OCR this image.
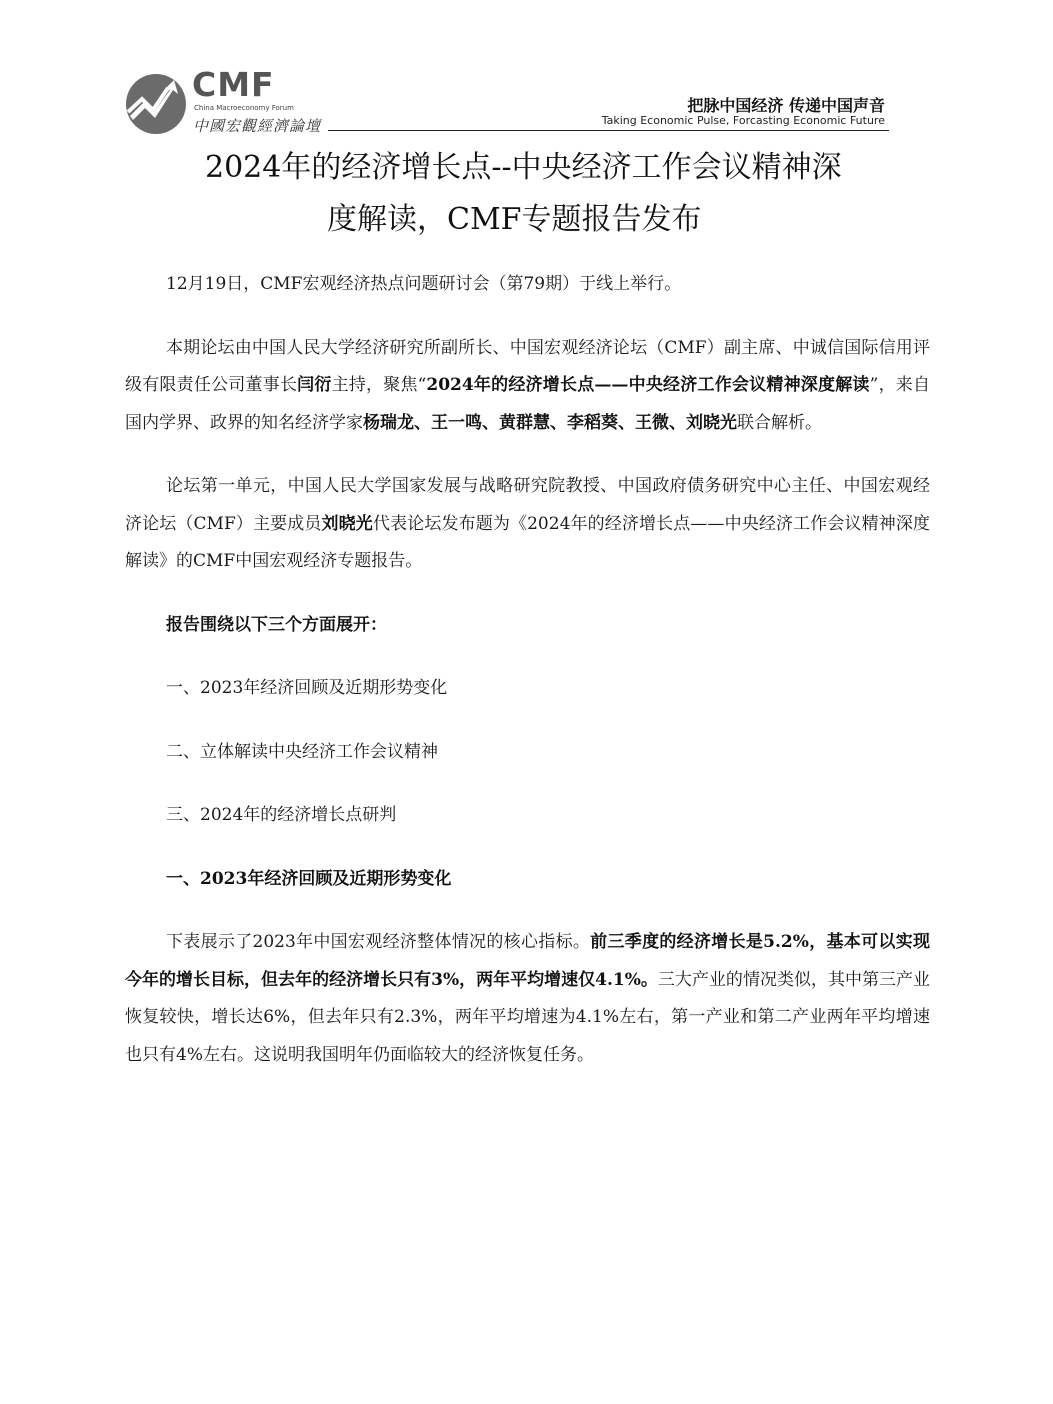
CMF
China Macroeconomy Forum
中國宏觀經濟論壇
把脉中国经济 传递中国声音
Taking Economic Pulse, Forcasting Economic Future
2024年的经济增长点--中央经济工作会议精神深
度解读，CMF专题报告发布

12月19日，CMF宏观经济热点问题研讨会（第79期）于线上举行。

本期论坛由中国人民大学经济研究所副所长、中国宏观经济论坛（CMF）副主席、中诚信国际信用评级有限责任公司董事长闫衍主持，聚焦“2024年的经济增长点——中央经济工作会议精神深度解读”，来自国内学界、政界的知名经济学家杨瑞龙、王一鸣、黄群慧、李稻葵、王微、刘晓光联合解析。

论坛第一单元，中国人民大学国家发展与战略研究院教授、中国政府债务研究中心主任、中国宏观经济论坛（CMF）主要成员刘晓光代表论坛发布题为《2024年的经济增长点——中央经济工作会议精神深度解读》的CMF中国宏观经济专题报告。

报告围绕以下三个方面展开：

一、2023年经济回顾及近期形势变化

二、立体解读中央经济工作会议精神

三、2024年的经济增长点研判

一、2023年经济回顾及近期形势变化

下表展示了2023年中国宏观经济整体情况的核心指标。前三季度的经济增长是5.2%，基本可以实现今年的增长目标，但去年的经济增长只有3%，两年平均增速仅4.1%。三大产业的情况类似，其中第三产业恢复较快，增长达6%，但去年只有2.3%，两年平均增速为4.1%左右，第一产业和第二产业两年平均增速也只有4%左右。这说明我国明年仍面临较大的经济恢复任务。
